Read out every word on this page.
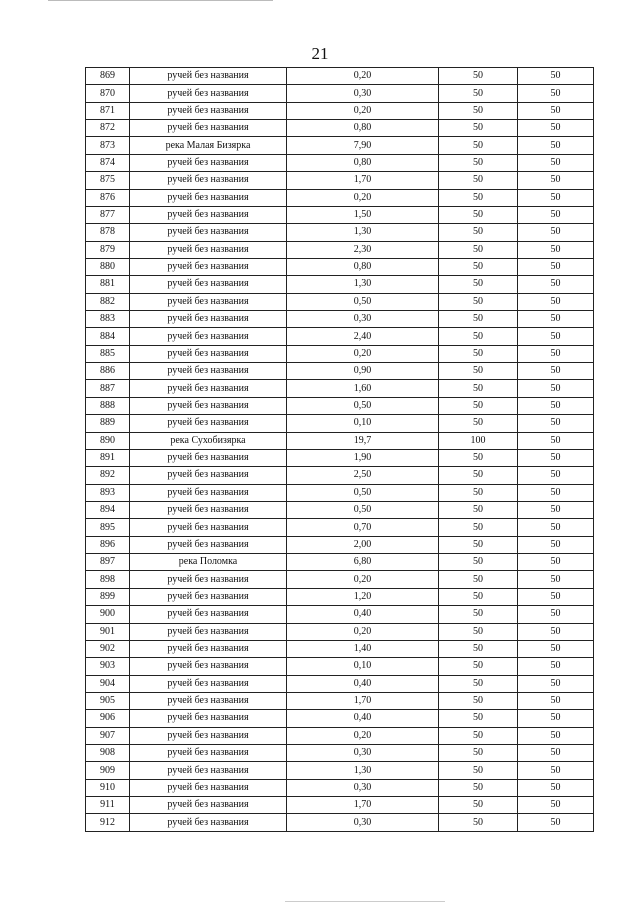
21
869	ручей без названия	0,20	50	50
870	ручей без названия	0,30	50	50
871	ручей без названия	0,20	50	50
872	ручей без названия	0,80	50	50
873	река Малая Бизярка	7,90	50	50
874	ручей без названия	0,80	50	50
875	ручей без названия	1,70	50	50
876	ручей без названия	0,20	50	50
877	ручей без названия	1,50	50	50
878	ручей без названия	1,30	50	50
879	ручей без названия	2,30	50	50
880	ручей без названия	0,80	50	50
881	ручей без названия	1,30	50	50
882	ручей без названия	0,50	50	50
883	ручей без названия	0,30	50	50
884	ручей без названия	2,40	50	50
885	ручей без названия	0,20	50	50
886	ручей без названия	0,90	50	50
887	ручей без названия	1,60	50	50
888	ручей без названия	0,50	50	50
889	ручей без названия	0,10	50	50
890	река Сухобизярка	19,7	100	50
891	ручей без названия	1,90	50	50
892	ручей без названия	2,50	50	50
893	ручей без названия	0,50	50	50
894	ручей без названия	0,50	50	50
895	ручей без названия	0,70	50	50
896	ручей без названия	2,00	50	50
897	река Поломка	6,80	50	50
898	ручей без названия	0,20	50	50
899	ручей без названия	1,20	50	50
900	ручей без названия	0,40	50	50
901	ручей без названия	0,20	50	50
902	ручей без названия	1,40	50	50
903	ручей без названия	0,10	50	50
904	ручей без названия	0,40	50	50
905	ручей без названия	1,70	50	50
906	ручей без названия	0,40	50	50
907	ручей без названия	0,20	50	50
908	ручей без названия	0,30	50	50
909	ручей без названия	1,30	50	50
910	ручей без названия	0,30	50	50
911	ручей без названия	1,70	50	50
912	ручей без названия	0,30	50	50
